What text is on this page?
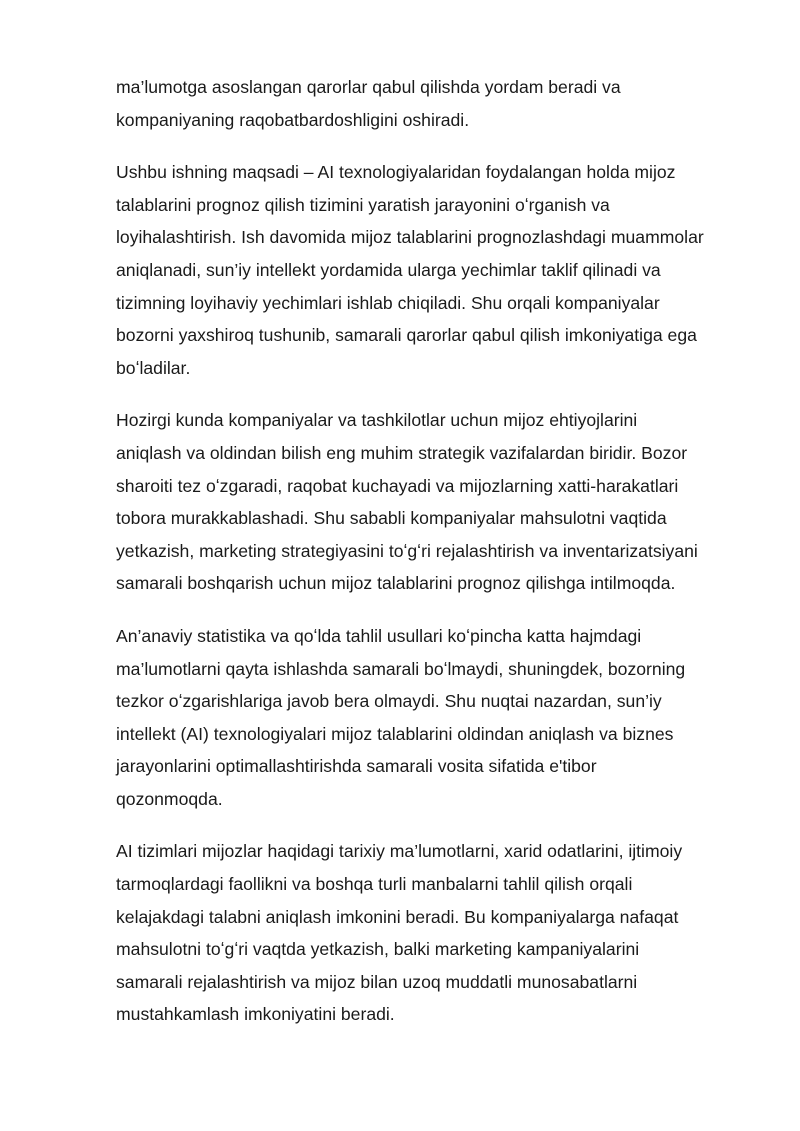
ma’lumotga asoslangan qarorlar qabul qilishda yordam beradi va
kompaniyaning raqobatbardoshligini oshiradi.

Ushbu ishning maqsadi – AI texnologiyalaridan foydalangan holda mijoz
talablarini prognoz qilish tizimini yaratish jarayonini oʻrganish va
loyihalashtirish. Ish davomida mijoz talablarini prognozlashdagi muammolar
aniqlanadi, sun’iy intellekt yordamida ularga yechimlar taklif qilinadi va
tizimning loyihaviy yechimlari ishlab chiqiladi. Shu orqali kompaniyalar
bozorni yaxshiroq tushunib, samarali qarorlar qabul qilish imkoniyatiga ega
boʻladilar.

Hozirgi kunda kompaniyalar va tashkilotlar uchun mijoz ehtiyojlarini
aniqlash va oldindan bilish eng muhim strategik vazifalardan biridir. Bozor
sharoiti tez oʻzgaradi, raqobat kuchayadi va mijozlarning xatti-harakatlari
tobora murakkablashadi. Shu sababli kompaniyalar mahsulotni vaqtida
yetkazish, marketing strategiyasini toʻgʻri rejalashtirish va inventarizatsiyani
samarali boshqarish uchun mijoz talablarini prognoz qilishga intilmoqda.

An’anaviy statistika va qoʻlda tahlil usullari koʻpincha katta hajmdagi
ma’lumotlarni qayta ishlashda samarali boʻlmaydi, shuningdek, bozorning
tezkor oʻzgarishlariga javob bera olmaydi. Shu nuqtai nazardan, sun’iy
intellekt (AI) texnologiyalari mijoz talablarini oldindan aniqlash va biznes
jarayonlarini optimallashtirishda samarali vosita sifatida e'tibor
qozonmoqda.

AI tizimlari mijozlar haqidagi tarixiy ma’lumotlarni, xarid odatlarini, ijtimoiy
tarmoqlardagi faollikni va boshqa turli manbalarni tahlil qilish orqali
kelajakdagi talabni aniqlash imkonini beradi. Bu kompaniyalarga nafaqat
mahsulotni toʻgʻri vaqtda yetkazish, balki marketing kampaniyalarini
samarali rejalashtirish va mijoz bilan uzoq muddatli munosabatlarni
mustahkamlash imkoniyatini beradi.
